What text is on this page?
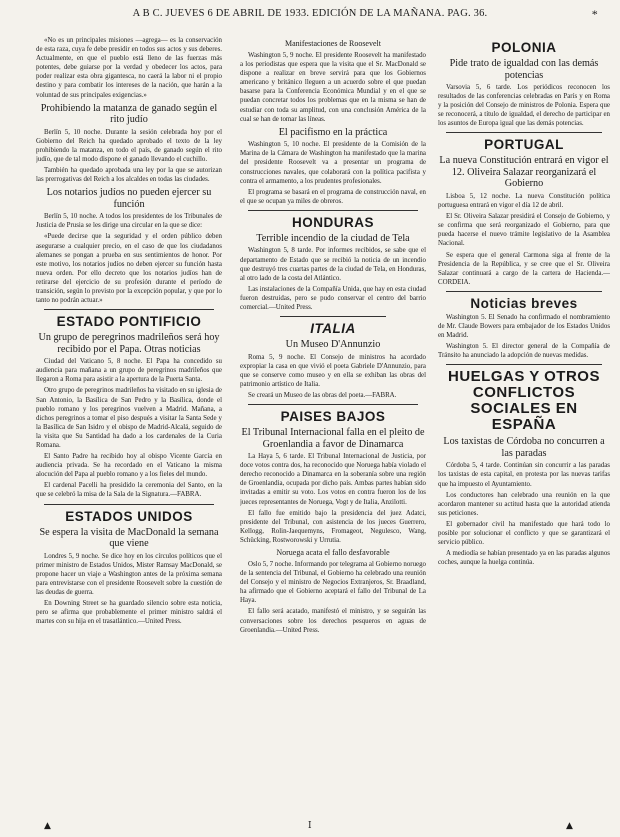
A B C. JUEVES 6 DE ABRIL DE 1933. EDICIÓN DE LA MAÑANA. PAG. 36.	*

«No es un principales misiones —agrega— es la conservación de esta raza, cuya fe debe presidir en todos sus actos y sus deberes. Actualmente, en que el pueblo está lleno de las fuerzas más potentes, debe guiarse por la verdad y obedecer los actos, para poder realizar esta obra gigantesca, no caerá la labor ni el propio destino y para combatir los intereses de la nación, que harán a la voluntad de sus principales exigencias.»

Prohibiendo la matanza de ganado según el rito judío

Berlín 5, 10 noche. Durante la sesión celebrada hoy por el Gobierno del Reich ha quedado aprobado el texto de la ley prohibiendo la matanza, en todo el país, de ganado según el rito judío, que de tal modo dispone el ganado llevando el cuchillo.

También ha quedado aprobada una ley por la que se autorizan las prerrogativas del Reich a los alcaldes en todas las ciudades.

Los notarios judíos no pueden ejercer su función

Berlín 5, 10 noche. A todos los presidentes de los Tribunales de Justicia de Prusia se les dirige una circular en la que se dice:

«Puede decirse que la seguridad y el orden público deben asegurarse a cualquier precio, en el caso de que los ciudadanos alemanes se pongan a prueba en sus sentimientos de honor. Por este motivo, los notarios judíos no deben ejercer su función hasta nueva orden. Por ello decreto que los notarios judíos han de retirarse del ejercicio de su profesión durante el período de transición, según lo previsto por la excepción popular, y que por lo tanto no podrán actuar.»

ESTADO PONTIFICIO
Un grupo de peregrinos madrileños será hoy recibido por el Papa. Otras noticias

Ciudad del Vaticano 5, 8 noche. El Papa ha concedido su audiencia para mañana a un grupo de peregrinos madrileños que llegaron a Roma para asistir a la apertura de la Puerta Santa.

Otro grupo de peregrinos madrileños ha visitado en su iglesia de San Antonio, la Basílica de San Pedro y la Basílica, donde el pueblo romano y los peregrinos vuelven a Madrid. Mañana, a dichos peregrinos a tomar el piso después a visitar la Santa Sede y la Basílica de San Isidro y el obispo de Madrid-Alcalá, seguido de la visita que Su Santidad ha dado a los cardenales de la Curia Romana.

El Santo Padre ha recibido hoy al obispo Vicente García en audiencia privada. Se ha recordado en el Vaticano la misma alocución del Papa al pueblo romano y a los fieles del mundo.

El cardenal Pacelli ha presidido la ceremonia del Santo, en la que se celebró la misa de la Sala de la Signatura.—FABRA.

ESTADOS UNIDOS
Se espera la visita de MacDonald la semana que viene

Londres 5, 9 noche. Se dice hoy en los círculos políticos que el primer ministro de Estados Unidos, Mister Ramsay MacDonald, se propone hacer un viaje a Washington antes de la próxima semana para entrevistarse con el presidente Roosevelt sobre la cuestión de las deudas de guerra.

En Downing Street se ha guardado silencio sobre esta noticia, pero se afirma que probablemente el primer ministro saldrá el martes con su hija en el trasatlántico.—United Press.

Manifestaciones de Roosevelt

Washington 5, 9 noche. El presidente Roosevelt ha manifestado a los periodistas que espera que la visita que el Sr. MacDonald se dispone a realizar en breve servirá para que los Gobiernos americano y británico lleguen a un acuerdo sobre el que puedan basarse para la Conferencia Económica Mundial y en el que se puedan concretar todos los problemas que en la misma se han de estudiar con toda su amplitud, con una conclusión América de la cual se han de tomar las líneas.

El pacifismo en la práctica

Washington 5, 10 noche. El presidente de la Comisión de la Marina de la Cámara de Washington ha manifestado que la marina del presidente Roosevelt va a presentar un programa de construcciones navales, que colaborará con la política pacifista y contra el armamento, a los prudentes profesionales.

El programa se basará en el programa de construcción naval, en el que se ocupan ya miles de obreros.

HONDURAS
Terrible incendio de la ciudad de Tela

Washington 5, 8 tarde. Por informes recibidos, se sabe que el departamento de Estado que se recibió la noticia de un incendio que destruyó tres cuartas partes de la ciudad de Tela, en Honduras, al otro lado de la costa del Atlántico.

Las instalaciones de la Compañía Unida, que hay en esta ciudad fueron destruidas, pero se pudo conservar el centro del barrio comercial.—United Press.

ITALIA
Un Museo D'Annunzio

Roma 5, 9 noche. El Consejo de ministros ha acordado expropiar la casa en que vivió el poeta Gabriele D'Annunzio, para que se conserve como museo y en ella se exhiban las obras del patrimonio artístico de Italia.

Se creará un Museo de las obras del poeta.—FABRA.

PAISES BAJOS
El Tribunal Internacional falla en el pleito de Groenlandia a favor de Dinamarca

La Haya 5, 6 tarde. El Tribunal Internacional de Justicia, por doce votos contra dos, ha reconocido que Noruega había violado el derecho reconocido a Dinamarca en la soberanía sobre una región de Groenlandia, ocupada por dicho país. Ambas partes habían sido invitadas a emitir su voto. Los votos en contra fueron los de los jueces representantes de Noruega, Vogt y de Italia, Anzilotti.

El fallo fue emitido bajo la presidencia del juez Adatci, presidente del Tribunal, con asistencia de los jueces Guerrero, Kellogg, Rolin-Jaequemyns, Fromageot, Negulesco, Wang, Schücking, Rostworowski y Urrutia.

Noruega acata el fallo desfavorable

Oslo 5, 7 noche. Informando por telegrama al Gobierno noruego de la sentencia del Tribunal, el Gobierno ha celebrado una reunión del Consejo y el ministro de Negocios Extranjeros, Sr. Braadland, ha afirmado que el Gobierno aceptará el fallo del Tribunal de La Haya.

El fallo será acatado, manifestó el ministro, y se seguirán las conversaciones sobre los derechos pesqueros en aguas de Groenlandia.—United Press.

POLONIA
Pide trato de igualdad con las demás potencias

Varsovia 5, 6 tarde. Los periódicos reconocen los resultados de las conferencias celebradas en París y en Roma y la posición del Consejo de ministros de Polonia. Espera que se reconocerá, a título de igualdad, el derecho de participar en los asuntos de Europa igual que las demás potencias.

PORTUGAL
La nueva Constitución entrará en vigor el 12. Oliveira Salazar reorganizará el Gobierno

Lisboa 5, 12 noche. La nueva Constitución política portuguesa entrará en vigor el día 12 de abril.

El Sr. Oliveira Salazar presidirá el Consejo de Gobierno, y se confirma que será reorganizado el Gobierno, para que pueda hacerse el nuevo trámite legislativo de la Asamblea Nacional.

Se espera que el general Carmona siga al frente de la Presidencia de la República, y se cree que el Sr. Oliveira Salazar continuará a cargo de la cartera de Hacienda.—CORDEIA.

Noticias breves

Washington 5. El Senado ha confirmado el nombramiento de Mr. Claude Bowers para embajador de los Estados Unidos en Madrid.

Washington 5. El director general de la Compañía de Tránsito ha anunciado la adopción de nuevas medidas.

HUELGAS Y OTROS CONFLICTOS SOCIALES EN ESPAÑA
Los taxistas de Córdoba no concurren a las paradas

Córdoba 5, 4 tarde. Continúan sin concurrir a las paradas los taxistas de esta capital, en protesta por las nuevas tarifas que ha impuesto el Ayuntamiento.

Los conductores han celebrado una reunión en la que acordaron mantener su actitud hasta que la autoridad atienda sus peticiones.

El gobernador civil ha manifestado que hará todo lo posible por solucionar el conflicto y que se garantizará el servicio público.

A mediodía se habían presentado ya en las paradas algunos coches, aunque la huelga continúa.

▲	I	▲
